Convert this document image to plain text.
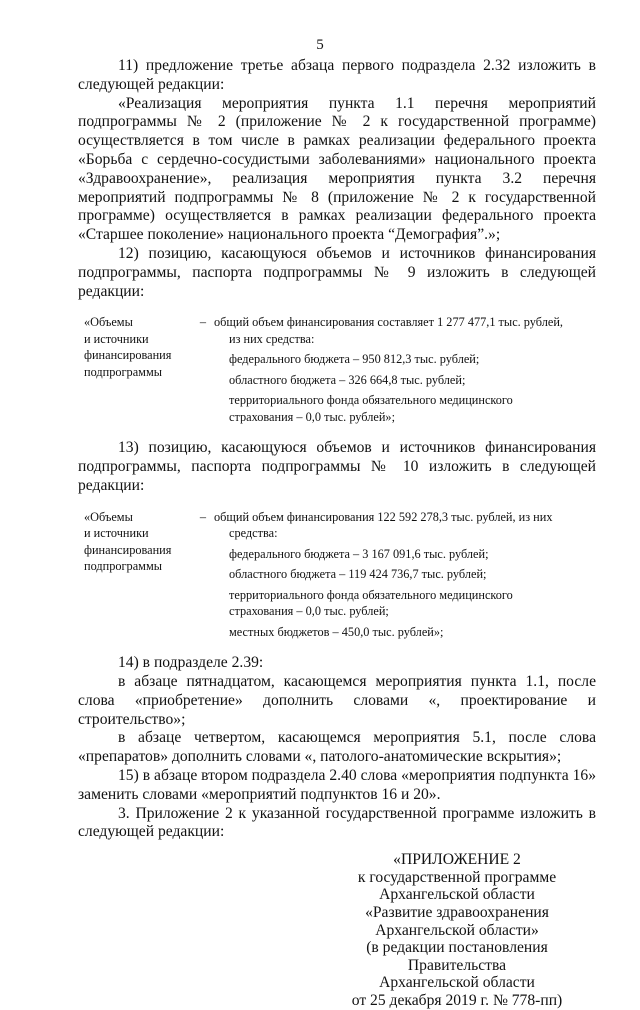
5

11) предложение третье абзаца первого подраздела 2.32 изложить в следующей редакции:

«Реализация мероприятия пункта 1.1 перечня мероприятий подпрограммы № 2 (приложение № 2 к государственной программе) осуществляется в том числе в рамках реализации федерального проекта «Борьба с сердечно-сосудистыми заболеваниями» национального проекта «Здравоохранение», реализация мероприятия пункта 3.2 перечня мероприятий подпрограммы № 8 (приложение № 2 к государственной программе) осуществляется в рамках реализации федерального проекта «Старшее поколение» национального проекта “Демография”.»;

12) позицию, касающуюся объемов и источников финансирования подпрограммы, паспорта подпрограммы № 9 изложить в следующей редакции:

«Объемы
и источники
финансирования
подпрограммы
– общий объем финансирования составляет 1 277 477,1 тыс. рублей,
из них средства:
федерального бюджета – 950 812,3 тыс. рублей;
областного бюджета – 326 664,8 тыс. рублей;
территориального фонда обязательного медицинского
страхования – 0,0 тыс. рублей»;

13) позицию, касающуюся объемов и источников финансирования подпрограммы, паспорта подпрограммы № 10 изложить в следующей редакции:

«Объемы
и источники
финансирования
подпрограммы
– общий объем финансирования 122 592 278,3 тыс. рублей, из них
средства:
федерального бюджета – 3 167 091,6 тыс. рублей;
областного бюджета – 119 424 736,7 тыс. рублей;
территориального фонда обязательного медицинского
страхования – 0,0 тыс. рублей;
местных бюджетов – 450,0 тыс. рублей»;

14) в подразделе 2.39:

в абзаце пятнадцатом, касающемся мероприятия пункта 1.1, после слова «приобретение» дополнить словами «, проектирование и строительство»;

в абзаце четвертом, касающемся мероприятия 5.1, после слова «препаратов» дополнить словами «, патолого-анатомические вскрытия»;

15) в абзаце втором подраздела 2.40 слова «мероприятия подпункта 16» заменить словами «мероприятий подпунктов 16 и 20».

3. Приложение 2 к указанной государственной программе изложить в следующей редакции:

«ПРИЛОЖЕНИЕ 2
к государственной программе
Архангельской области
«Развитие здравоохранения
Архангельской области»
(в редакции постановления Правительства
Архангельской области
от 25 декабря 2019 г. № 778-пп)
